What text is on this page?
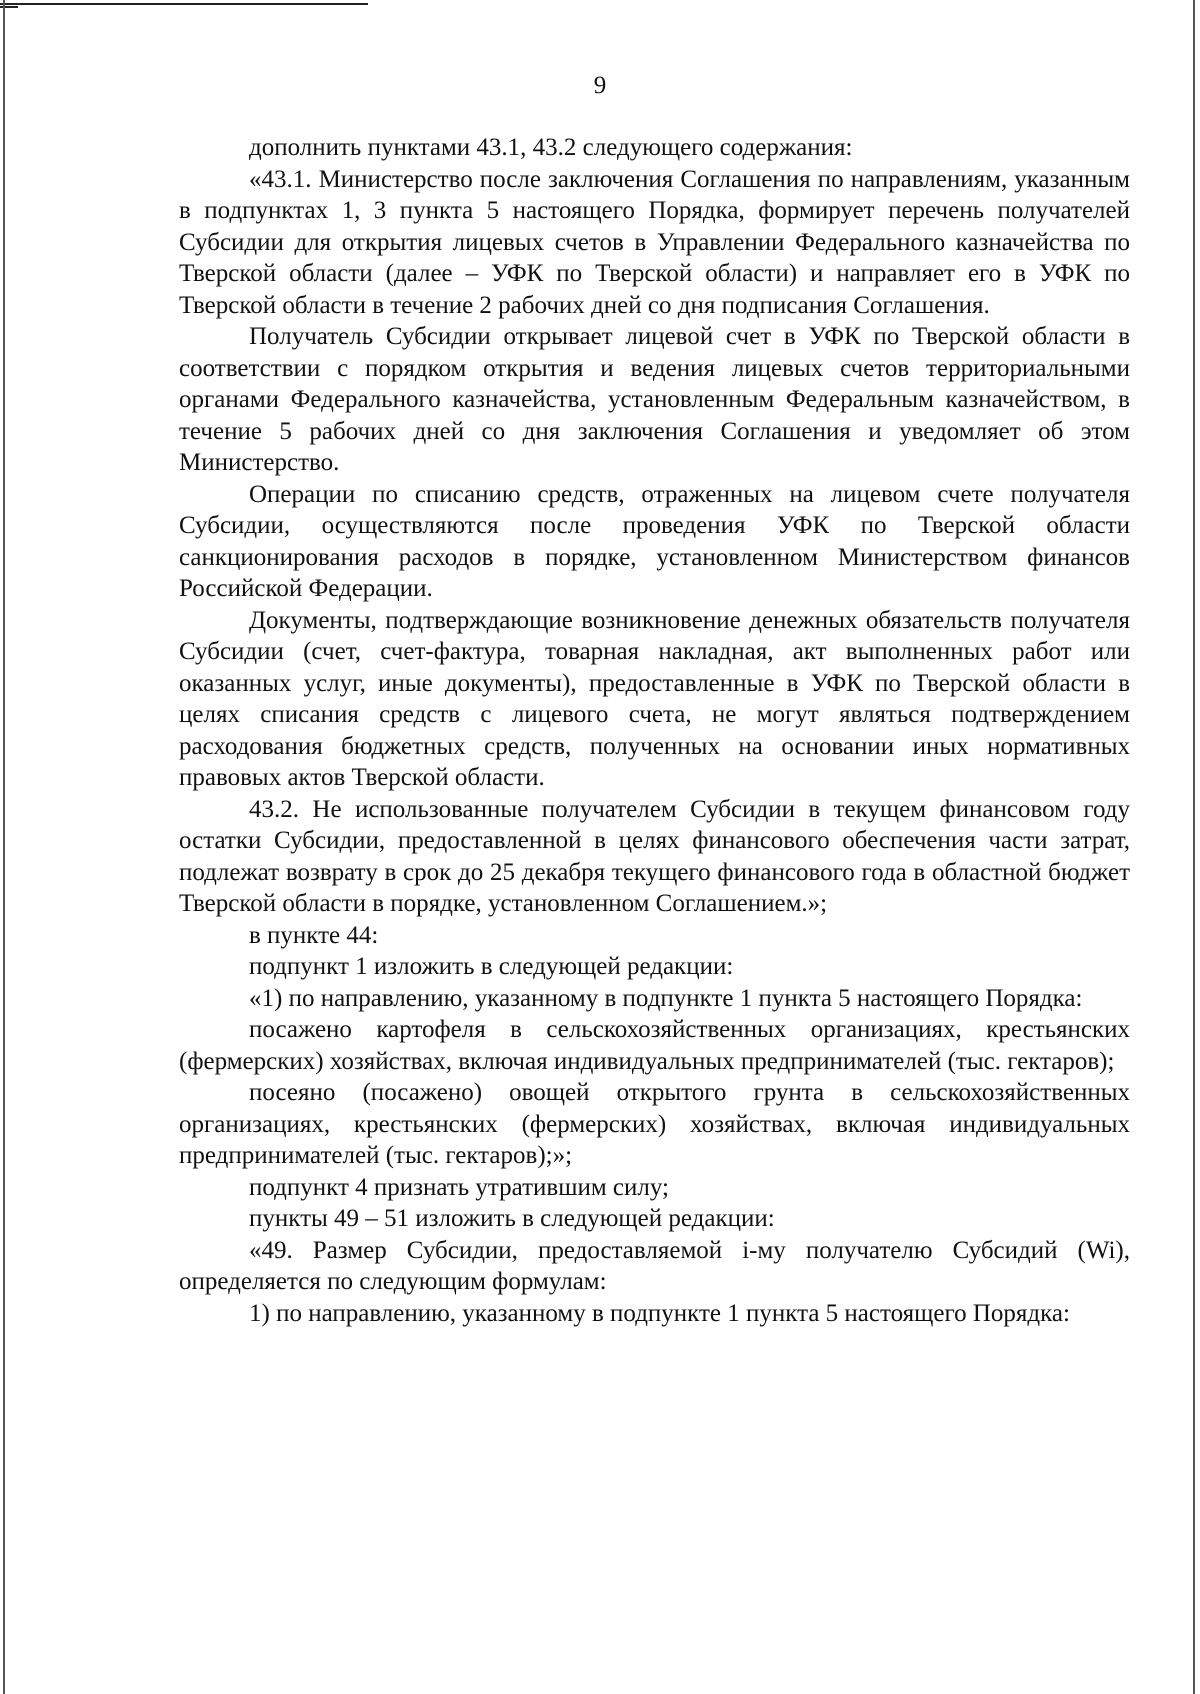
9

дополнить пунктами 43.1, 43.2 следующего содержания:

«43.1. Министерство после заключения Соглашения по направлениям, указанным в подпунктах 1, 3 пункта 5 настоящего Порядка, формирует перечень получателей Субсидии для открытия лицевых счетов в Управлении Федерального казначейства по Тверской области (далее – УФК по Тверской области) и направляет его в УФК по Тверской области в течение 2 рабочих дней со дня подписания Соглашения.

Получатель Субсидии открывает лицевой счет в УФК по Тверской области в соответствии с порядком открытия и ведения лицевых счетов территориальными органами Федерального казначейства, установленным Федеральным казначейством, в течение 5 рабочих дней со дня заключения Соглашения и уведомляет об этом Министерство.

Операции по списанию средств, отраженных на лицевом счете получателя Субсидии, осуществляются после проведения УФК по Тверской области санкционирования расходов в порядке, установленном Министерством финансов Российской Федерации.

Документы, подтверждающие возникновение денежных обязательств получателя Субсидии (счет, счет-фактура, товарная накладная, акт выполненных работ или оказанных услуг, иные документы), предоставленные в УФК по Тверской области в целях списания средств с лицевого счета, не могут являться подтверждением расходования бюджетных средств, полученных на основании иных нормативных правовых актов Тверской области.

43.2. Не использованные получателем Субсидии в текущем финансовом году остатки Субсидии, предоставленной в целях финансового обеспечения части затрат, подлежат возврату в срок до 25 декабря текущего финансового года в областной бюджет Тверской области в порядке, установленном Соглашением.»;

в пункте 44:

подпункт 1 изложить в следующей редакции:

«1) по направлению, указанному в подпункте 1 пункта 5 настоящего Порядка:

посажено картофеля в сельскохозяйственных организациях, крестьянских (фермерских) хозяйствах, включая индивидуальных предпринимателей (тыс. гектаров);

посеяно (посажено) овощей открытого грунта в сельскохозяйственных организациях, крестьянских (фермерских) хозяйствах, включая индивидуальных предпринимателей (тыс. гектаров);»;

подпункт 4 признать утратившим силу;

пункты 49 – 51 изложить в следующей редакции:

«49. Размер Субсидии, предоставляемой i-му получателю Субсидий (Wi), определяется по следующим формулам:

1) по направлению, указанному в подпункте 1 пункта 5 настоящего Порядка:
